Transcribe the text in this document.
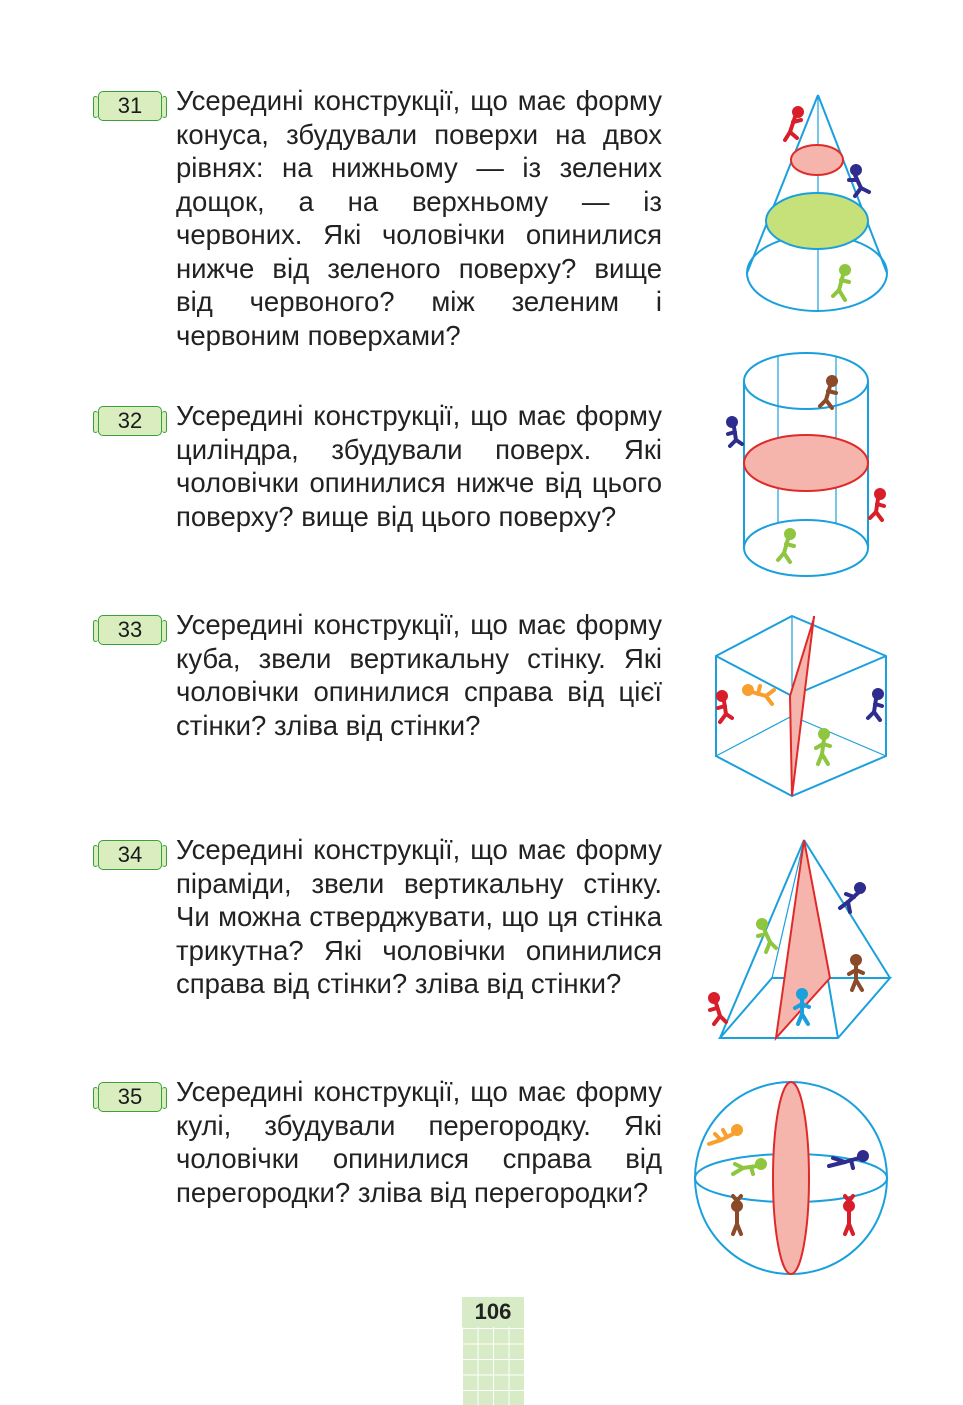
31	Усередині конструкції, що має форму конуса, збудували поверхи на двох рівнях: на нижньому — із зелених дощок, а на верхньому — із червоних. Які чоловічки опинилися нижче від зеленого поверху? вище від червоного? між зеленим і червоним поверхами?

32	Усередині конструкції, що має форму циліндра, збудували поверх. Які чоловічки опинилися нижче від цього поверху? вище від цього поверху?

33	Усередині конструкції, що має форму куба, звели вертикальну стінку. Які чоловічки опинилися справа від цієї стінки? зліва від стінки?

34	Усередині конструкції, що має форму піраміди, звели вертикальну стінку. Чи можна стверджувати, що ця стінка трикутна? Які чоловічки опинилися справа від стінки? зліва від стінки?

35	Усередині конструкції, що має форму кулі, збудували перегородку. Які чоловічки опинилися справа від перегородки? зліва від перегородки?

106
